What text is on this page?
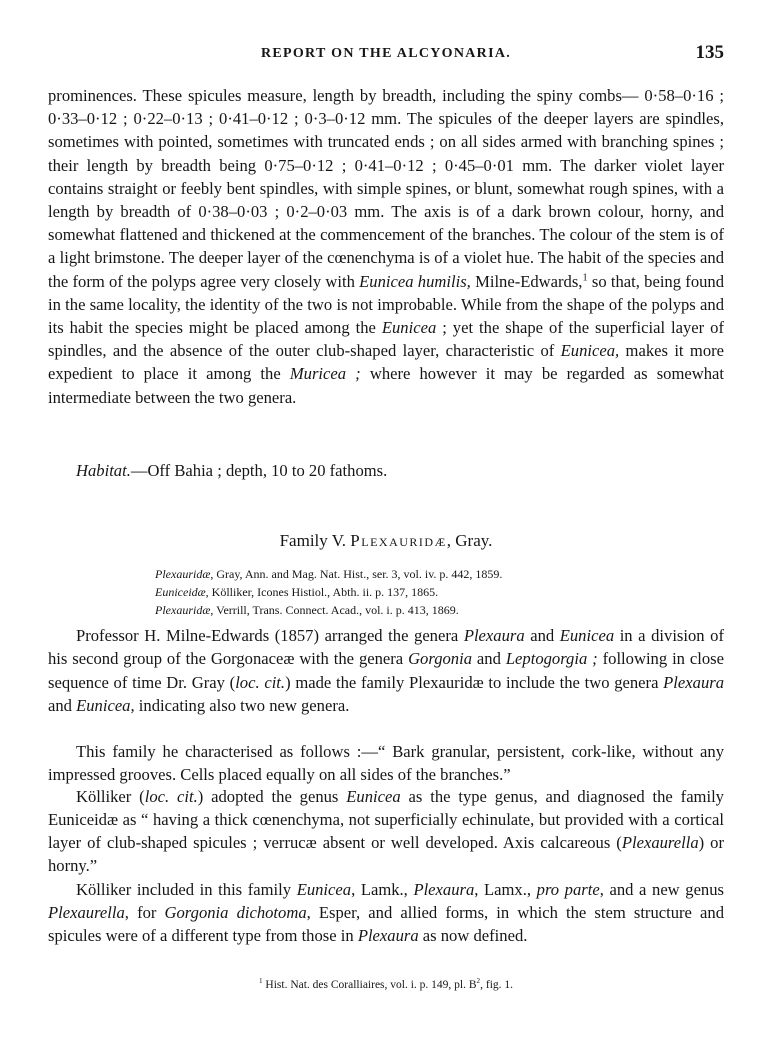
REPORT ON THE ALCYONARIA.	135

prominences. These spicules measure, length by breadth, including the spiny combs— 0·58–0·16 ; 0·33–0·12 ; 0·22–0·13 ; 0·41–0·12 ; 0·3–0·12 mm. The spicules of the deeper layers are spindles, sometimes with pointed, sometimes with truncated ends ; on all sides armed with branching spines ; their length by breadth being 0·75–0·12 ; 0·41–0·12 ; 0·45–0·01 mm. The darker violet layer contains straight or feebly bent spindles, with simple spines, or blunt, somewhat rough spines, with a length by breadth of 0·38–0·03 ; 0·2–0·03 mm. The axis is of a dark brown colour, horny, and somewhat flattened and thickened at the commencement of the branches. The colour of the stem is of a light brimstone. The deeper layer of the cœnenchyma is of a violet hue. The habit of the species and the form of the polyps agree very closely with Eunicea humilis, Milne-Edwards,$^1$ so that, being found in the same locality, the identity of the two is not improbable. While from the shape of the polyps and its habit the species might be placed among the Eunicea ; yet the shape of the superficial layer of spindles, and the absence of the outer club-shaped layer, characteristic of Eunicea, makes it more expedient to place it among the Muricea ; where however it may be regarded as somewhat intermediate between the two genera.

Habitat.—Off Bahia ; depth, 10 to 20 fathoms.

Family V. Plexauridæ, Gray.
Plexauridæ, Gray, Ann. and Mag. Nat. Hist., ser. 3, vol. iv. p. 442, 1859.
Euniceidæ, Kölliker, Icones Histiol., Abth. ii. p. 137, 1865.
Plexauridæ, Verrill, Trans. Connect. Acad., vol. i. p. 413, 1869.

Professor H. Milne-Edwards (1857) arranged the genera Plexaura and Eunicea in a division of his second group of the Gorgonaceæ with the genera Gorgonia and Leptogorgia ; following in close sequence of time Dr. Gray (loc. cit.) made the family Plexauridæ to include the two genera Plexaura and Eunicea, indicating also two new genera.

This family he characterised as follows :—“ Bark granular, persistent, cork-like, without any impressed grooves. Cells placed equally on all sides of the branches.”

Kölliker (loc. cit.) adopted the genus Eunicea as the type genus, and diagnosed the family Euniceidæ as “ having a thick cœnenchyma, not superficially echinulate, but provided with a cortical layer of club-shaped spicules ; verrucæ absent or well developed. Axis calcareous (Plexaurella) or horny.”

Kölliker included in this family Eunicea, Lamk., Plexaura, Lamx., pro parte, and a new genus Plexaurella, for Gorgonia dichotoma, Esper, and allied forms, in which the stem structure and spicules were of a different type from those in Plexaura as now defined.

$^1$ Hist. Nat. des Coralliaires, vol. i. p. 149, pl. B$^2$, fig. 1.
